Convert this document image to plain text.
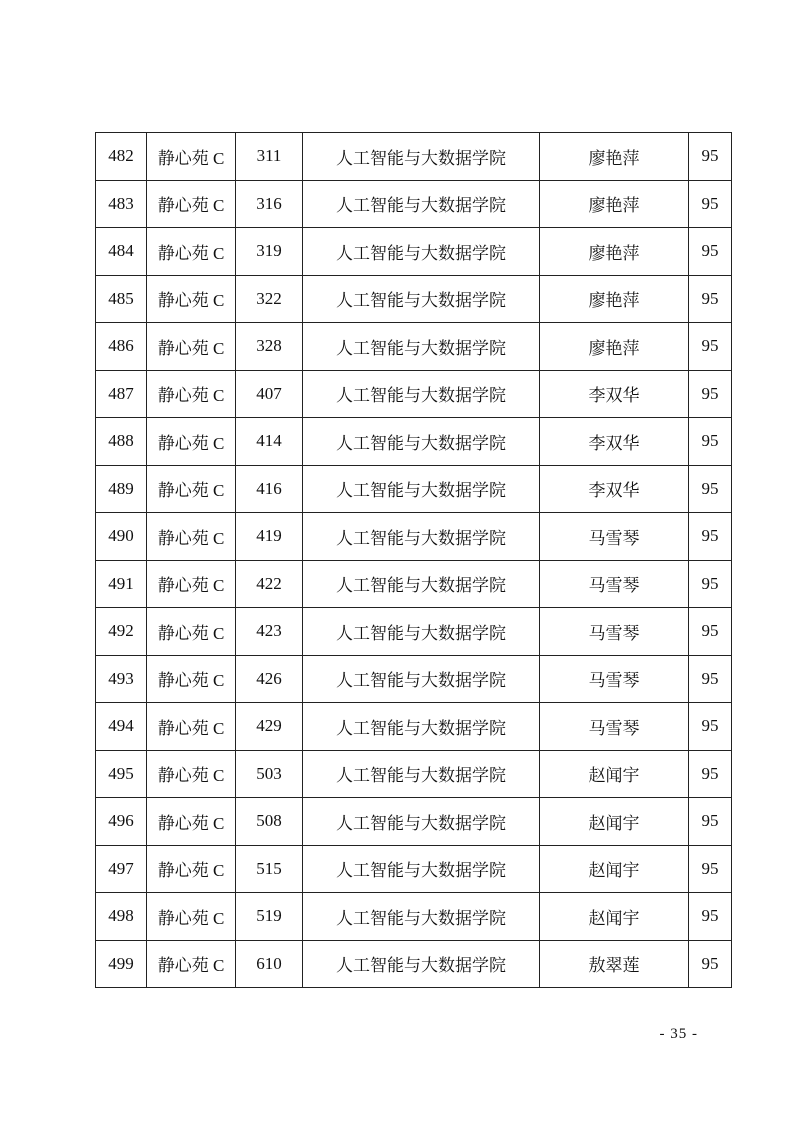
482	静心苑 C	311	人工智能与大数据学院	廖艳萍	95
483	静心苑 C	316	人工智能与大数据学院	廖艳萍	95
484	静心苑 C	319	人工智能与大数据学院	廖艳萍	95
485	静心苑 C	322	人工智能与大数据学院	廖艳萍	95
486	静心苑 C	328	人工智能与大数据学院	廖艳萍	95
487	静心苑 C	407	人工智能与大数据学院	李双华	95
488	静心苑 C	414	人工智能与大数据学院	李双华	95
489	静心苑 C	416	人工智能与大数据学院	李双华	95
490	静心苑 C	419	人工智能与大数据学院	马雪琴	95
491	静心苑 C	422	人工智能与大数据学院	马雪琴	95
492	静心苑 C	423	人工智能与大数据学院	马雪琴	95
493	静心苑 C	426	人工智能与大数据学院	马雪琴	95
494	静心苑 C	429	人工智能与大数据学院	马雪琴	95
495	静心苑 C	503	人工智能与大数据学院	赵闻宇	95
496	静心苑 C	508	人工智能与大数据学院	赵闻宇	95
497	静心苑 C	515	人工智能与大数据学院	赵闻宇	95
498	静心苑 C	519	人工智能与大数据学院	赵闻宇	95
499	静心苑 C	610	人工智能与大数据学院	敖翠莲	95
- 35 -
